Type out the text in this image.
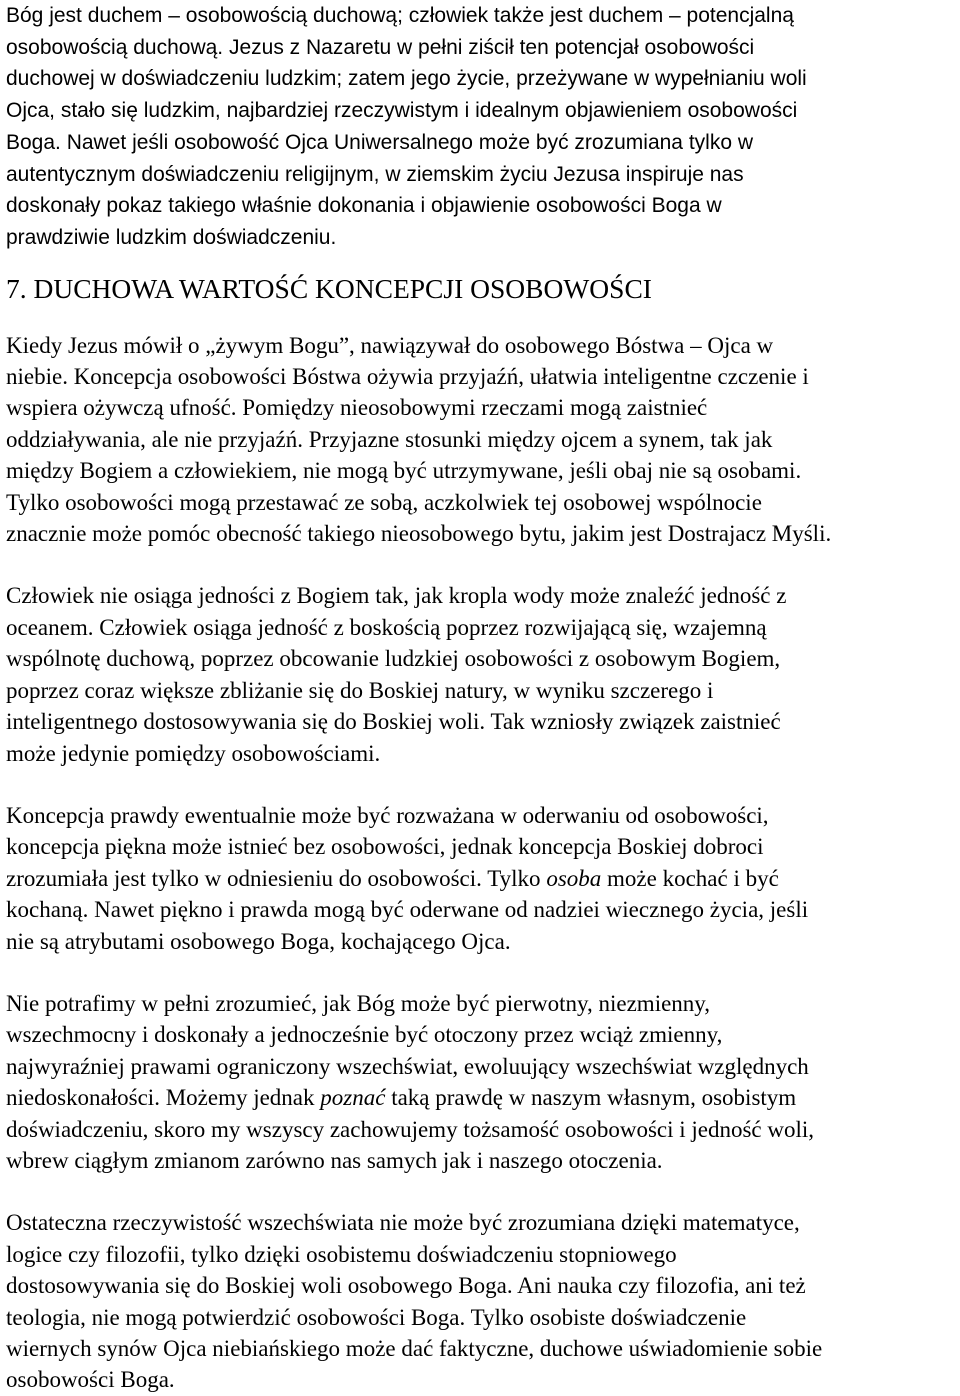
Bóg jest duchem – osobowością duchową; człowiek także jest duchem – potencjalną
osobowością duchową. Jezus z Nazaretu w pełni ziścił ten potencjał osobowości
duchowej w doświadczeniu ludzkim; zatem jego życie, przeżywane w wypełnianiu woli
Ojca, stało się ludzkim, najbardziej rzeczywistym i idealnym objawieniem osobowości
Boga. Nawet jeśli osobowość Ojca Uniwersalnego może być zrozumiana tylko w
autentycznym doświadczeniu religijnym, w ziemskim życiu Jezusa inspiruje nas
doskonały pokaz takiego właśnie dokonania i objawienie osobowości Boga w
prawdziwie ludzkim doświadczeniu.

7. DUCHOWA WARTOŚĆ KONCEPCJI OSOBOWOŚCI

Kiedy Jezus mówił o „żywym Bogu”, nawiązywał do osobowego Bóstwa – Ojca w
niebie. Koncepcja osobowości Bóstwa ożywia przyjaźń, ułatwia inteligentne czczenie i
wspiera ożywczą ufność. Pomiędzy nieosobowymi rzeczami mogą zaistnieć
oddziaływania, ale nie przyjaźń. Przyjazne stosunki między ojcem a synem, tak jak
między Bogiem a człowiekiem, nie mogą być utrzymywane, jeśli obaj nie są osobami.
Tylko osobowości mogą przestawać ze sobą, aczkolwiek tej osobowej wspólnocie
znacznie może pomóc obecność takiego nieosobowego bytu, jakim jest Dostrajacz Myśli.

Człowiek nie osiąga jedności z Bogiem tak, jak kropla wody może znaleźć jedność z
oceanem. Człowiek osiąga jedność z boskością poprzez rozwijającą się, wzajemną
wspólnotę duchową, poprzez obcowanie ludzkiej osobowości z osobowym Bogiem,
poprzez coraz większe zbliżanie się do Boskiej natury, w wyniku szczerego i
inteligentnego dostosowywania się do Boskiej woli. Tak wzniosły związek zaistnieć
może jedynie pomiędzy osobowościami.

Koncepcja prawdy ewentualnie może być rozważana w oderwaniu od osobowości,
koncepcja piękna może istnieć bez osobowości, jednak koncepcja Boskiej dobroci
zrozumiała jest tylko w odniesieniu do osobowości. Tylko osoba może kochać i być
kochaną. Nawet piękno i prawda mogą być oderwane od nadziei wiecznego życia, jeśli
nie są atrybutami osobowego Boga, kochającego Ojca.

Nie potrafimy w pełni zrozumieć, jak Bóg może być pierwotny, niezmienny,
wszechmocny i doskonały a jednocześnie być otoczony przez wciąż zmienny,
najwyraźniej prawami ograniczony wszechświat, ewoluujący wszechświat względnych
niedoskonałości. Możemy jednak poznać taką prawdę w naszym własnym, osobistym
doświadczeniu, skoro my wszyscy zachowujemy tożsamość osobowości i jedność woli,
wbrew ciągłym zmianom zarówno nas samych jak i naszego otoczenia.

Ostateczna rzeczywistość wszechświata nie może być zrozumiana dzięki matematyce,
logice czy filozofii, tylko dzięki osobistemu doświadczeniu stopniowego
dostosowywania się do Boskiej woli osobowego Boga. Ani nauka czy filozofia, ani też
teologia, nie mogą potwierdzić osobowości Boga. Tylko osobiste doświadczenie
wiernych synów Ojca niebiańskiego może dać faktyczne, duchowe uświadomienie sobie
osobowości Boga.
